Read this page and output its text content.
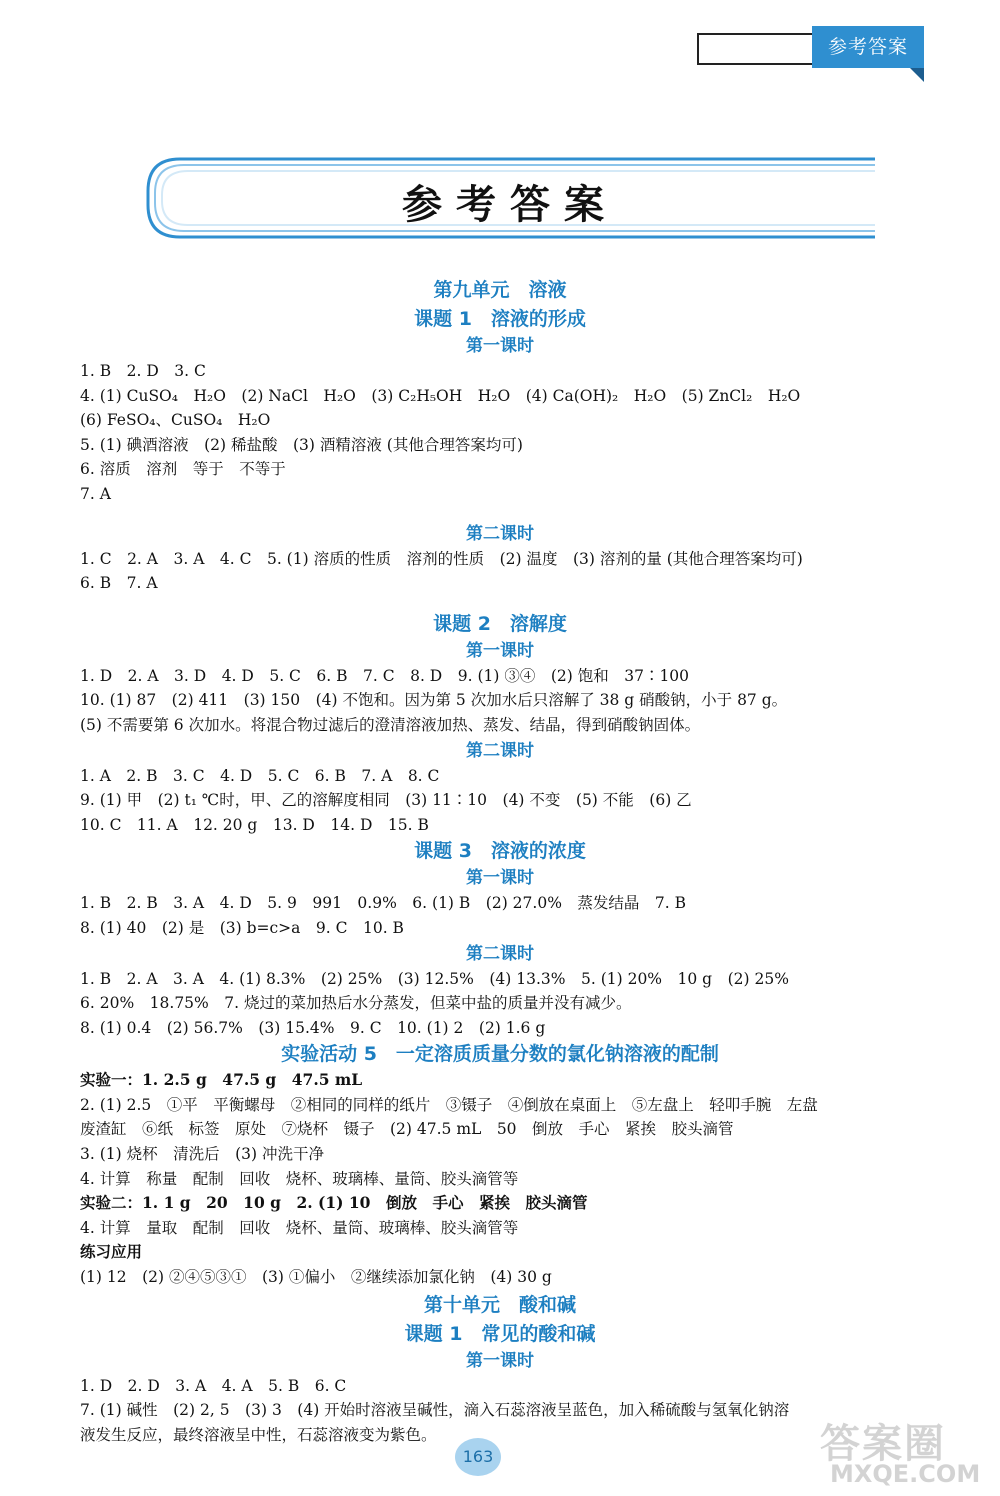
参考答案
参考答案
第九单元　溶液
课题 1　溶液的形成
第一课时
1. B　2. D　3. C
4. (1) CuSO₄　H₂O　(2) NaCl　H₂O　(3) C₂H₅OH　H₂O　(4) Ca(OH)₂　H₂O　(5) ZnCl₂　H₂O
(6) FeSO₄、CuSO₄　H₂O
5. (1) 碘酒溶液　(2) 稀盐酸　(3) 酒精溶液 (其他合理答案均可)
6. 溶质　溶剂　等于　不等于
7. A
第二课时
1. C　2. A　3. A　4. C　5. (1) 溶质的性质　溶剂的性质　(2) 温度　(3) 溶剂的量 (其他合理答案均可)
6. B　7. A
课题 2　溶解度
第一课时
1. D　2. A　3. D　4. D　5. C　6. B　7. C　8. D　9. (1) ③④　(2) 饱和　37∶100
10. (1) 87　(2) 411　(3) 150　(4) 不饱和。因为第 5 次加水后只溶解了 38 g 硝酸钠，小于 87 g。
(5) 不需要第 6 次加水。将混合物过滤后的澄清溶液加热、蒸发、结晶，得到硝酸钠固体。
第二课时
1. A　2. B　3. C　4. D　5. C　6. B　7. A　8. C
9. (1) 甲　(2) t₁ ℃时，甲、乙的溶解度相同　(3) 11∶10　(4) 不变　(5) 不能　(6) 乙
10. C　11. A　12. 20 g　13. D　14. D　15. B
课题 3　溶液的浓度
第一课时
1. B　2. B　3. A　4. D　5. 9　991　0.9%　6. (1) B　(2) 27.0%　蒸发结晶　7. B
8. (1) 40　(2) 是　(3) b=c>a　9. C　10. B
第二课时
1. B　2. A　3. A　4. (1) 8.3%　(2) 25%　(3) 12.5%　(4) 13.3%　5. (1) 20%　10 g　(2) 25%
6. 20%　18.75%　7. 烧过的菜加热后水分蒸发，但菜中盐的质量并没有减少。
8. (1) 0.4　(2) 56.7%　(3) 15.4%　9. C　10. (1) 2　(2) 1.6 g
实验活动 5　一定溶质质量分数的氯化钠溶液的配制
实验一：1. 2.5 g　47.5 g　47.5 mL
2. (1) 2.5　①平　平衡螺母　②相同的同样的纸片　③镊子　④倒放在桌面上　⑤左盘上　轻叩手腕　左盘
废渣缸　⑥纸　标签　原处　⑦烧杯　镊子　(2) 47.5 mL　50　倒放　手心　紧挨　胶头滴管
3. (1) 烧杯　清洗后　(3) 冲洗干净
4. 计算　称量　配制　回收　烧杯、玻璃棒、量筒、胶头滴管等
实验二：1. 1 g　20　10 g　2. (1) 10　倒放　手心　紧挨　胶头滴管
4. 计算　量取　配制　回收　烧杯、量筒、玻璃棒、胶头滴管等
练习应用
(1) 12　(2) ②④⑤③①　(3) ①偏小　②继续添加氯化钠　(4) 30 g
第十单元　酸和碱
课题 1　常见的酸和碱
第一课时
1. D　2. D　3. A　4. A　5. B　6. C
7. (1) 碱性　(2) 2, 5　(3) 3　(4) 开始时溶液呈碱性，滴入石蕊溶液呈蓝色，加入稀硫酸与氢氧化钠溶
液发生反应，最终溶液呈中性，石蕊溶液变为紫色。
163	答案圈
MXQE.COM
